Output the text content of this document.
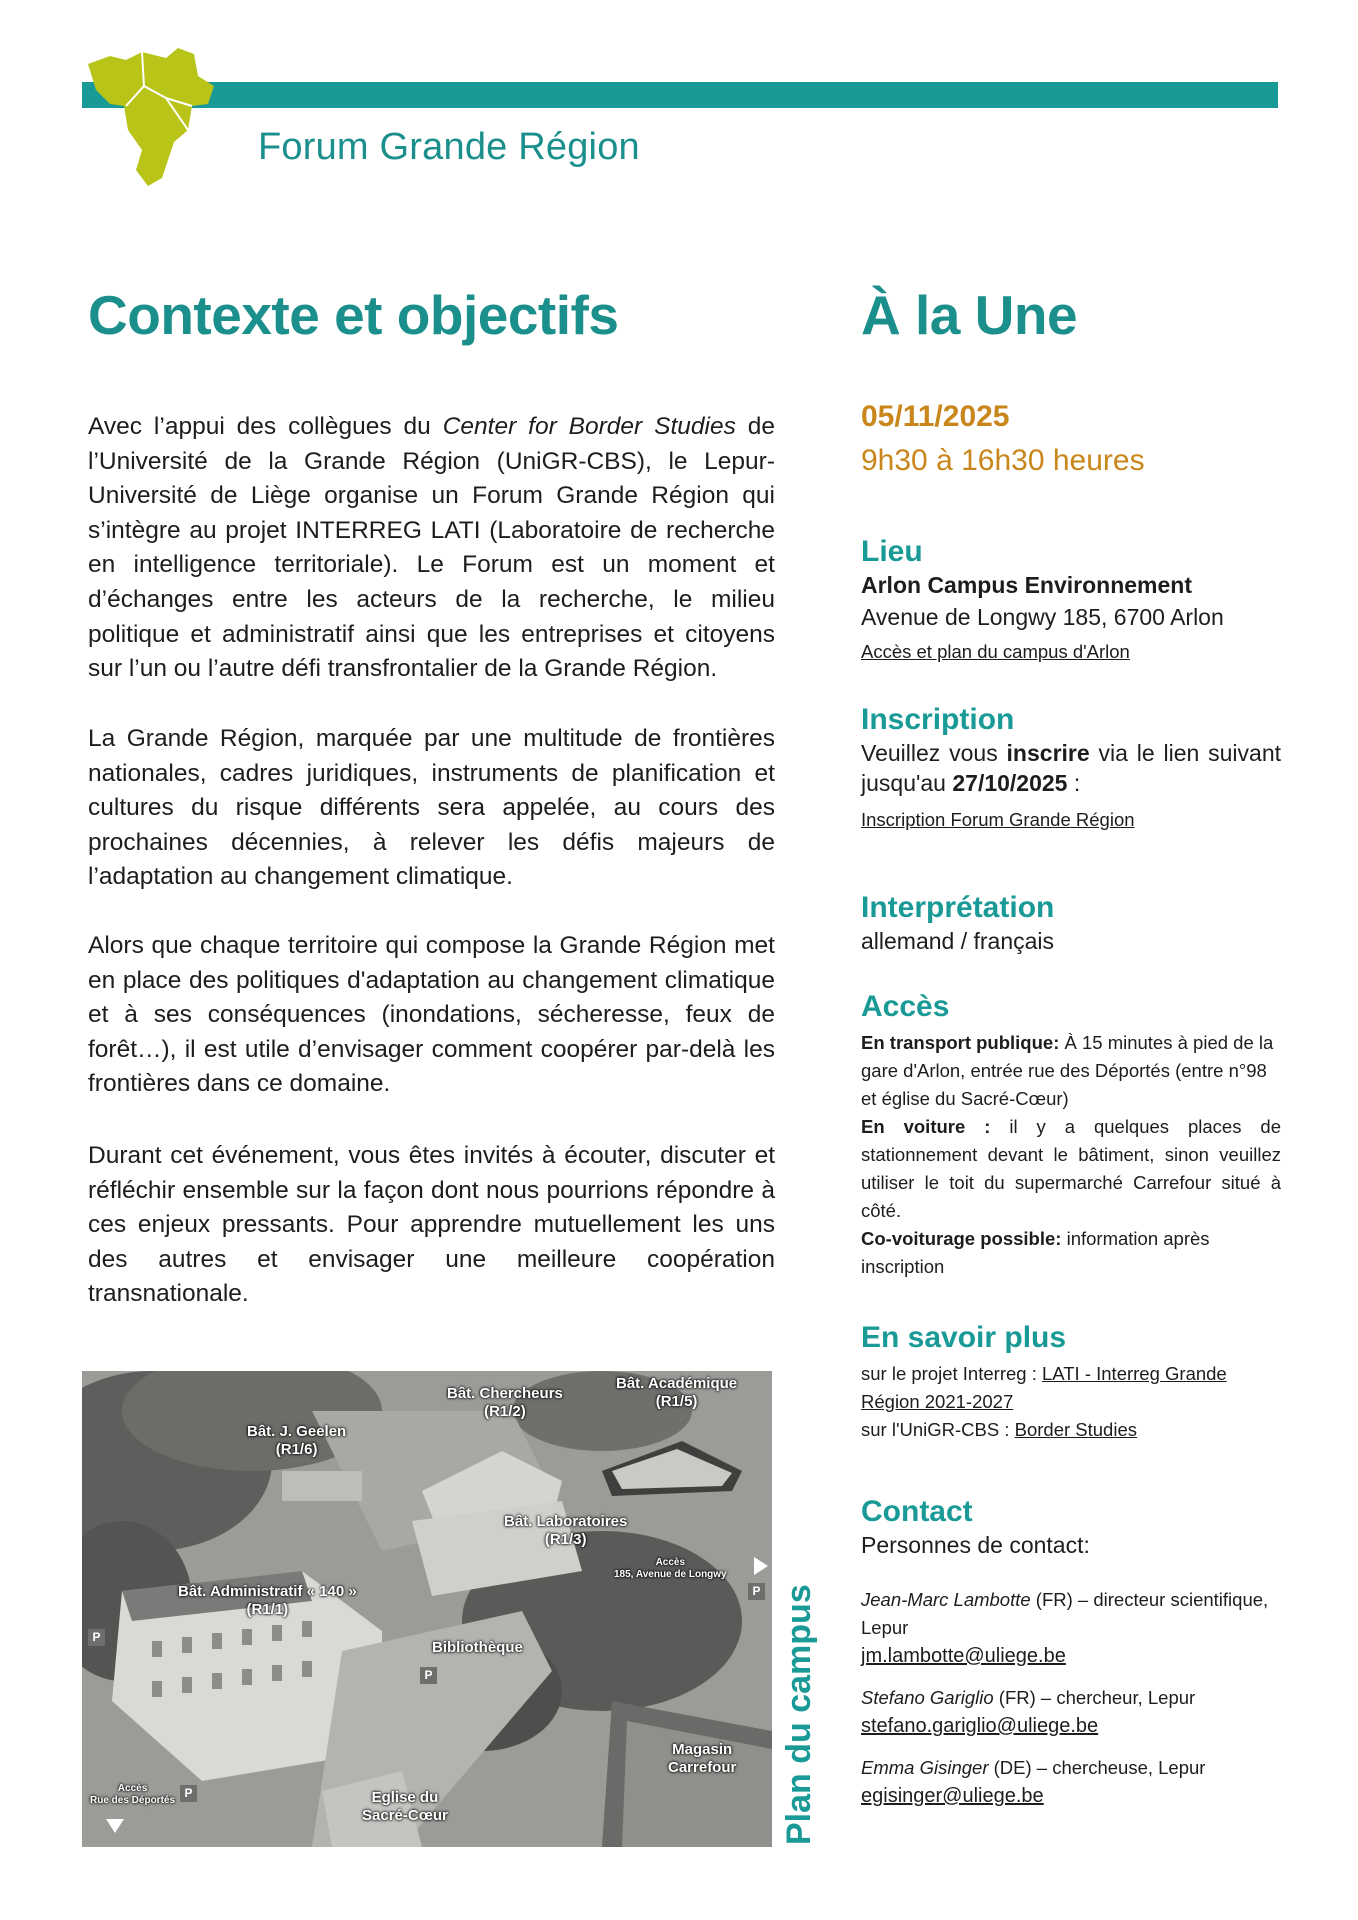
Forum Grande Région
Contexte et objectifs
Avec l’appui des collègues du Center for Border Studies de l’Université de la Grande Région (UniGR-CBS), le Lepur-Université de Liège organise un Forum Grande Région qui s’intègre au projet INTERREG LATI (Laboratoire de recherche en intelligence territoriale). Le Forum est un moment et d’échanges entre les acteurs de la recherche, le milieu politique et administratif ainsi que les entreprises et citoyens sur l’un ou l’autre défi transfrontalier de la Grande Région.
La Grande Région, marquée par une multitude de frontières nationales, cadres juridiques, instruments de planification et cultures du risque différents sera appelée, au cours des prochaines décennies, à relever les défis majeurs de l’adaptation au changement climatique.
Alors que chaque territoire qui compose la Grande Région met en place des politiques d'adaptation au changement climatique et à ses conséquences (inondations, sécheresse, feux de forêt…), il est utile d’envisager comment coopérer par-delà les frontières dans ce domaine.
Durant cet événement, vous êtes invités à écouter, discuter et réfléchir ensemble sur la façon dont nous pourrions répondre à ces enjeux pressants. Pour apprendre mutuellement les uns des autres et envisager une meilleure coopération transnationale.
Bât. J. Geelen
(R1/6)
Bât. Chercheurs
(R1/2)
Bât. Académique
(R1/5)
Bât. Laboratoires
(R1/3)
Accès
185, Avenue de Longwy
Bât. Administratif « 140 »
(R1/1)
Bibliothèque
Magasin
Carrefour
Eglise du
Sacré-Cœur
Accès
Rue des Déportés
P
P
P
P	Plan du campus
À la Une
05/11/2025
9h30 à 16h30 heures
Lieu
Arlon Campus Environnement
Avenue de Longwy 185, 6700 Arlon
Accès et plan du campus d'Arlon
Inscription
Veuillez vous inscrire via le lien suivant jusqu'au 27/10/2025 :
Inscription Forum Grande Région
Interprétation
allemand / français
Accès
En transport publique: À 15 minutes à pied de la gare d'Arlon, entrée rue des Déportés (entre n°98 et église du Sacré-Cœur)
En voiture : il y a quelques places de stationnement devant le bâtiment, sinon veuillez utiliser le toit du supermarché Carrefour situé à côté.
Co-voiturage possible: information après inscription
En savoir plus
sur le projet Interreg : LATI - Interreg Grande Région 2021-2027
sur l'UniGR-CBS : Border Studies
Contact
Personnes de contact:
Jean-Marc Lambotte (FR) – directeur scientifique, Lepur
jm.lambotte@uliege.be
Stefano Gariglio (FR) – chercheur, Lepur
stefano.gariglio@uliege.be
Emma Gisinger (DE) – chercheuse, Lepur
egisinger@uliege.be
